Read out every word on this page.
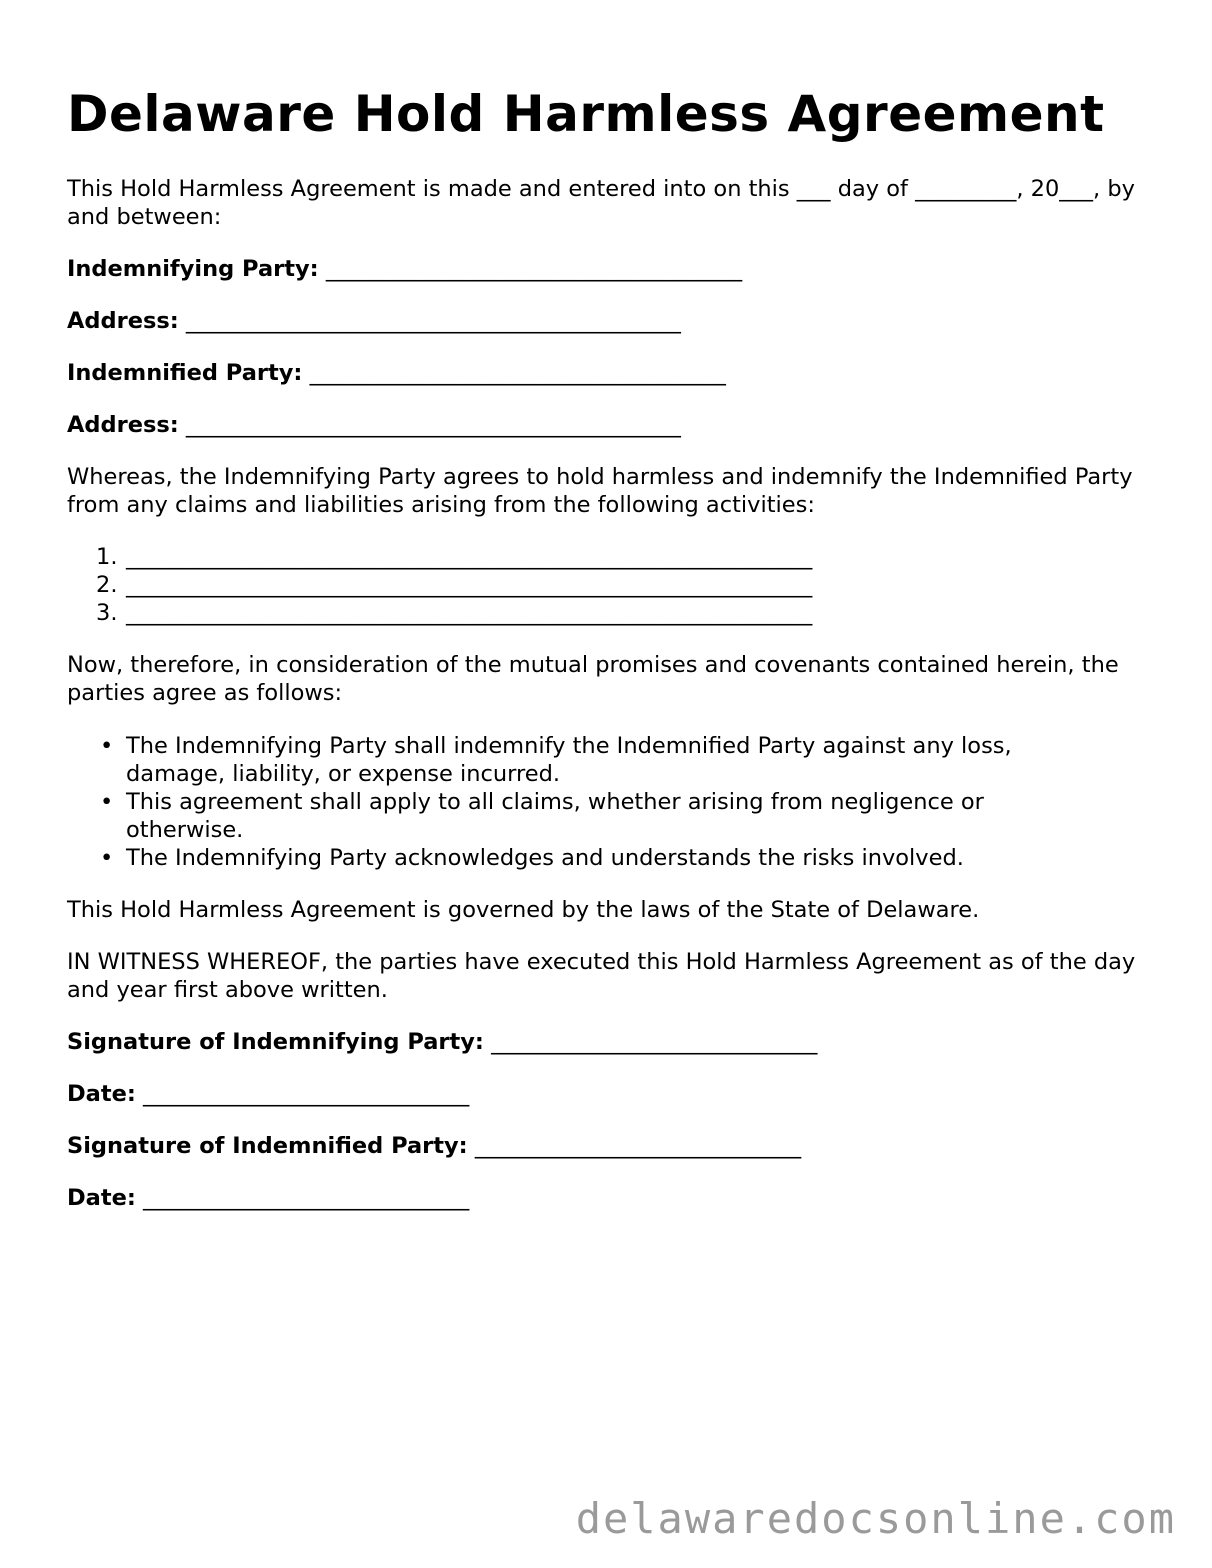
Delaware Hold Harmless Agreement

This Hold Harmless Agreement is made and entered into on this ___ day of _________, 20___, by and between:

Indemnifying Party: _____________________________________

Address: ____________________________________________

Indemnified Party: _____________________________________

Address: ____________________________________________

Whereas, the Indemnifying Party agrees to hold harmless and indemnify the Indemnified Party from any claims and liabilities arising from the following activities:

1. _____________________________________________________________
2. _____________________________________________________________
3. _____________________________________________________________

Now, therefore, in consideration of the mutual promises and covenants contained herein, the parties agree as follows:

• The Indemnifying Party shall indemnify the Indemnified Party against any loss, damage, liability, or expense incurred.
• This agreement shall apply to all claims, whether arising from negligence or otherwise.
• The Indemnifying Party acknowledges and understands the risks involved.

This Hold Harmless Agreement is governed by the laws of the State of Delaware.

IN WITNESS WHEREOF, the parties have executed this Hold Harmless Agreement as of the day and year first above written.

Signature of Indemnifying Party: _____________________________

Date: _____________________________

Signature of Indemnified Party: _____________________________

Date: _____________________________

delawaredocsonline.com
